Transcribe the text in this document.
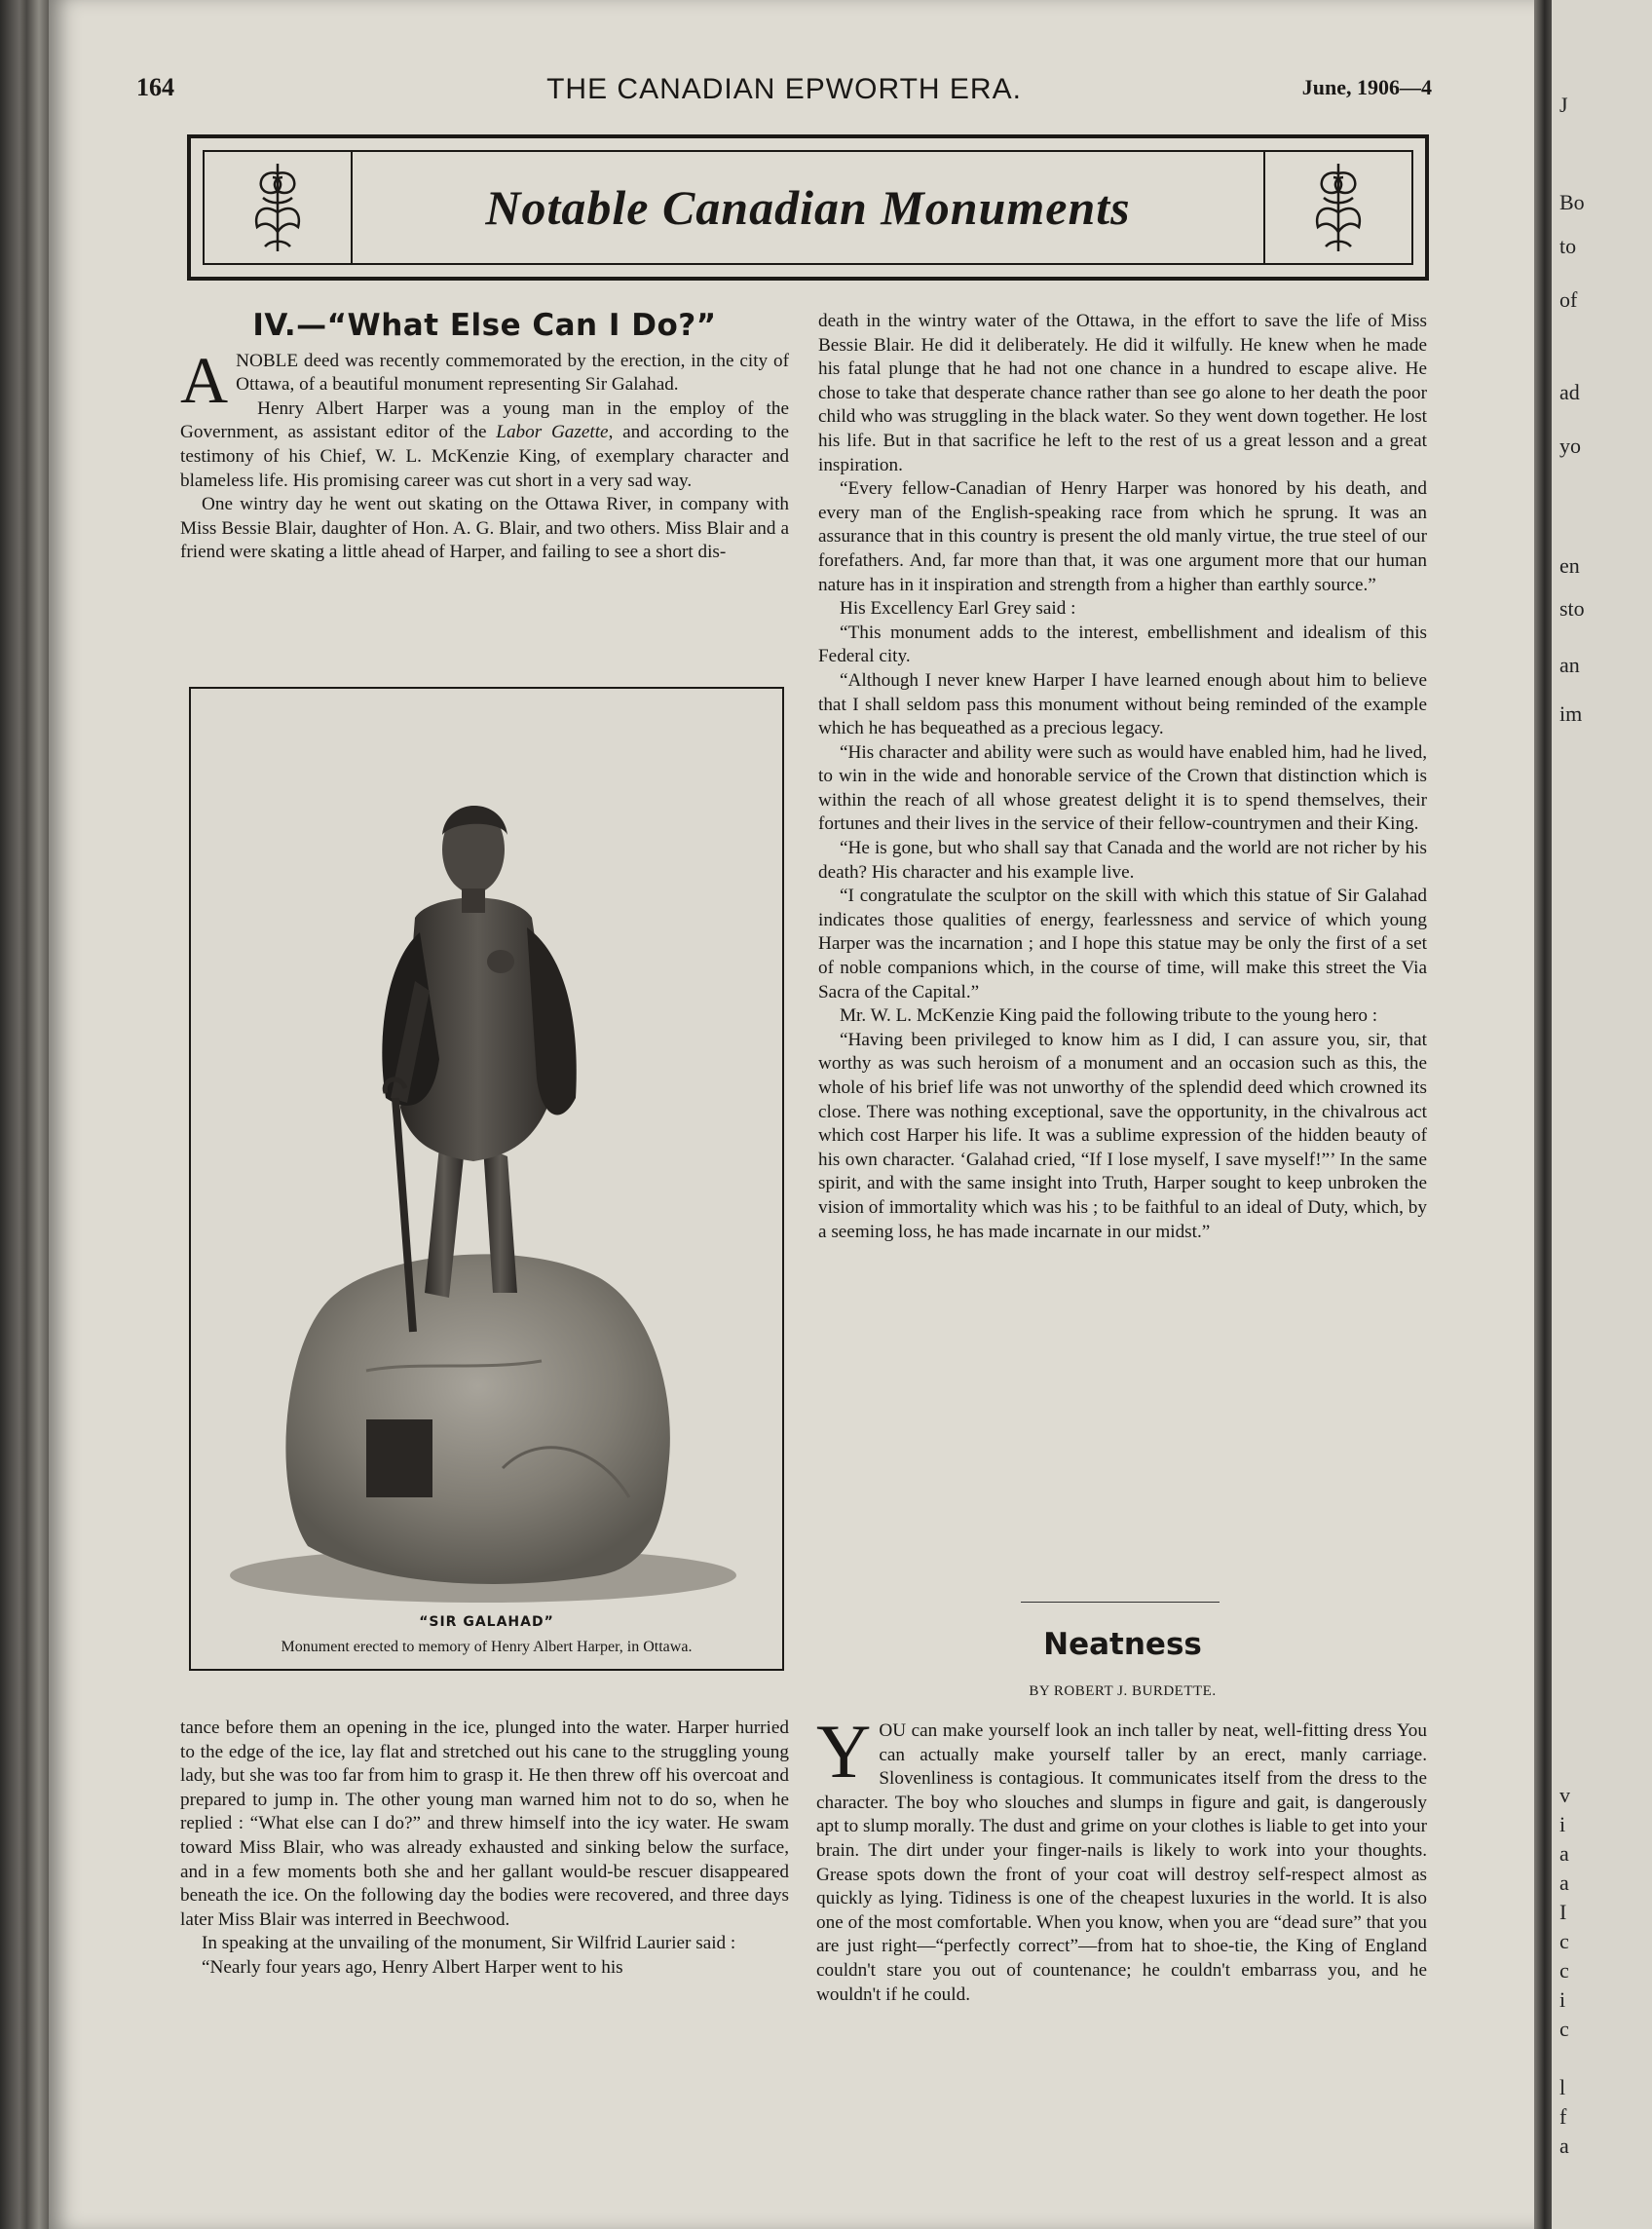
164	THE CANADIAN EPWORTH ERA.	June, 1906—4
Notable Canadian Monuments
IV.—“What Else Can I Do?”

ANOBLE deed was recently commemorated by the erection, in the city of Ottawa, of a beautiful monument representing Sir Galahad.

Henry Albert Harper was a young man in the employ of the Government, as assistant editor of the Labor Gazette, and according to the testimony of his Chief, W. L. McKenzie King, of exemplary character and blameless life. His promising career was cut short in a very sad way.

One wintry day he went out skating on the Ottawa River, in company with Miss Bessie Blair, daughter of Hon. A. G. Blair, and two others. Miss Blair and a friend were skating a little ahead of Harper, and failing to see a short dis-

“SIR GALAHAD”
Monument erected to memory of Henry Albert Harper, in Ottawa.

tance before them an opening in the ice, plunged into the water. Harper hurried to the edge of the ice, lay flat and stretched out his cane to the struggling young lady, but she was too far from him to grasp it. He then threw off his overcoat and prepared to jump in. The other young man warned him not to do so, when he replied : “What else can I do?” and threw himself into the icy water. He swam toward Miss Blair, who was already exhausted and sinking below the surface, and in a few moments both she and her gallant would-be rescuer disappeared beneath the ice. On the following day the bodies were recovered, and three days later Miss Blair was interred in Beechwood.

In speaking at the unvailing of the monument, Sir Wilfrid Laurier said :

“Nearly four years ago, Henry Albert Harper went to his

death in the wintry water of the Ottawa, in the effort to save the life of Miss Bessie Blair. He did it deliberately. He did it wilfully. He knew when he made his fatal plunge that he had not one chance in a hundred to escape alive. He chose to take that desperate chance rather than see go alone to her death the poor child who was struggling in the black water. So they went down together. He lost his life. But in that sacrifice he left to the rest of us a great lesson and a great inspiration.

“Every fellow-Canadian of Henry Harper was honored by his death, and every man of the English-speaking race from which he sprung. It was an assurance that in this country is present the old manly virtue, the true steel of our forefathers. And, far more than that, it was one argument more that our human nature has in it inspiration and strength from a higher than earthly source.”

His Excellency Earl Grey said :

“This monument adds to the interest, embellishment and idealism of this Federal city.

“Although I never knew Harper I have learned enough about him to believe that I shall seldom pass this monument without being reminded of the example which he has bequeathed as a precious legacy.

“His character and ability were such as would have enabled him, had he lived, to win in the wide and honorable service of the Crown that distinction which is within the reach of all whose greatest delight it is to spend themselves, their fortunes and their lives in the service of their fellow-countrymen and their King.

“He is gone, but who shall say that Canada and the world are not richer by his death? His character and his example live.

“I congratulate the sculptor on the skill with which this statue of Sir Galahad indicates those qualities of energy, fearlessness and service of which young Harper was the incarnation ; and I hope this statue may be only the first of a set of noble companions which, in the course of time, will make this street the Via Sacra of the Capital.”

Mr. W. L. McKenzie King paid the following tribute to the young hero :

“Having been privileged to know him as I did, I can assure you, sir, that worthy as was such heroism of a monument and an occasion such as this, the whole of his brief life was not unworthy of the splendid deed which crowned its close. There was nothing exceptional, save the opportunity, in the chivalrous act which cost Harper his life. It was a sublime expression of the hidden beauty of his own character. ‘Galahad cried, “If I lose myself, I save myself!”’ In the same spirit, and with the same insight into Truth, Harper sought to keep unbroken the vision of immortality which was his ; to be faithful to an ideal of Duty, which, by a seeming loss, he has made incarnate in our midst.”

Neatness
BY ROBERT J. BURDETTE.

YOU can make yourself look an inch taller by neat, well-fitting dress You can actually make yourself taller by an erect, manly carriage. Slovenliness is contagious. It communicates itself from the dress to the character. The boy who slouches and slumps in figure and gait, is dangerously apt to slump morally. The dust and grime on your clothes is liable to get into your brain. The dirt under your finger-nails is likely to work into your thoughts. Grease spots down the front of your coat will destroy self-respect almost as quickly as lying. Tidiness is one of the cheapest luxuries in the world. It is also one of the most comfortable. When you know, when you are “dead sure” that you are just right—“perfectly correct”—from hat to shoe-tie, the King of England couldn't stare you out of countenance; he couldn't embarrass you, and he wouldn't if he could.

J
Bo
to
of
ad
yo
en
sto
an
im
v
i
a
a
I
c
c
i
c
l
f
a
